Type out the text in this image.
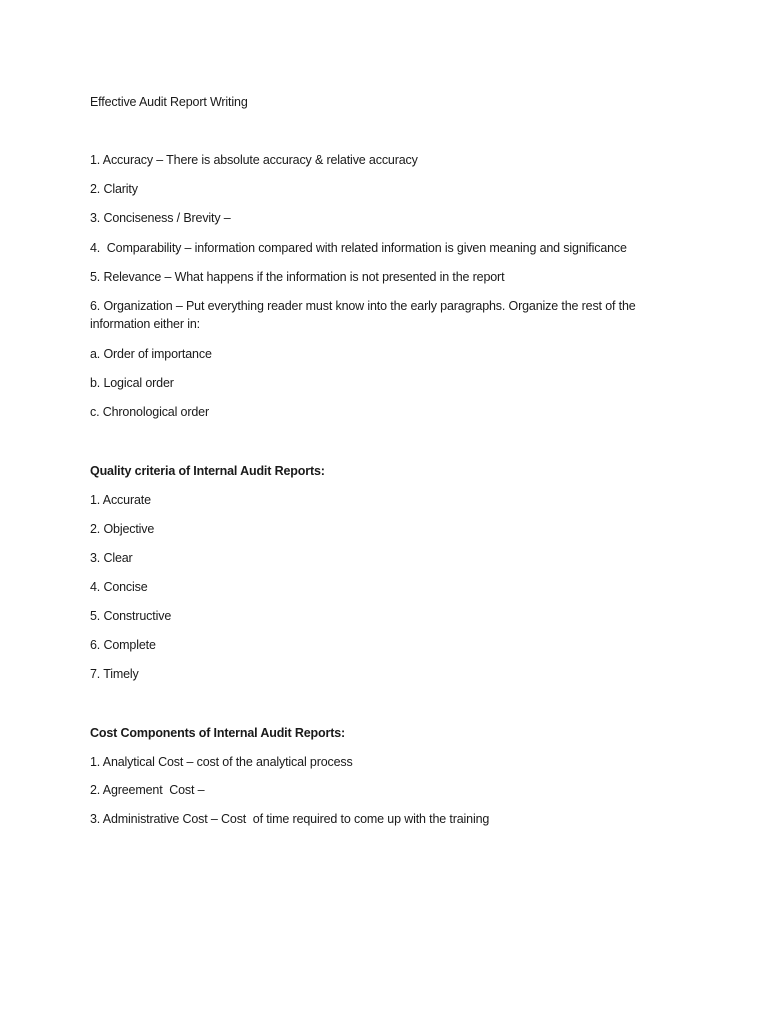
Effective Audit Report Writing
1. Accuracy – There is absolute accuracy & relative accuracy
2. Clarity
3. Conciseness / Brevity –
4.  Comparability – information compared with related information is given meaning and significance
5. Relevance – What happens if the information is not presented in the report
6. Organization – Put everything reader must know into the early paragraphs. Organize the rest of the information either in:
a. Order of importance
b. Logical order
c. Chronological order
Quality criteria of Internal Audit Reports:
1. Accurate
2. Objective
3. Clear
4. Concise
5. Constructive
6. Complete
7. Timely
Cost Components of Internal Audit Reports:
1. Analytical Cost – cost of the analytical process
2. Agreement  Cost –
3. Administrative Cost – Cost  of time required to come up with the training
